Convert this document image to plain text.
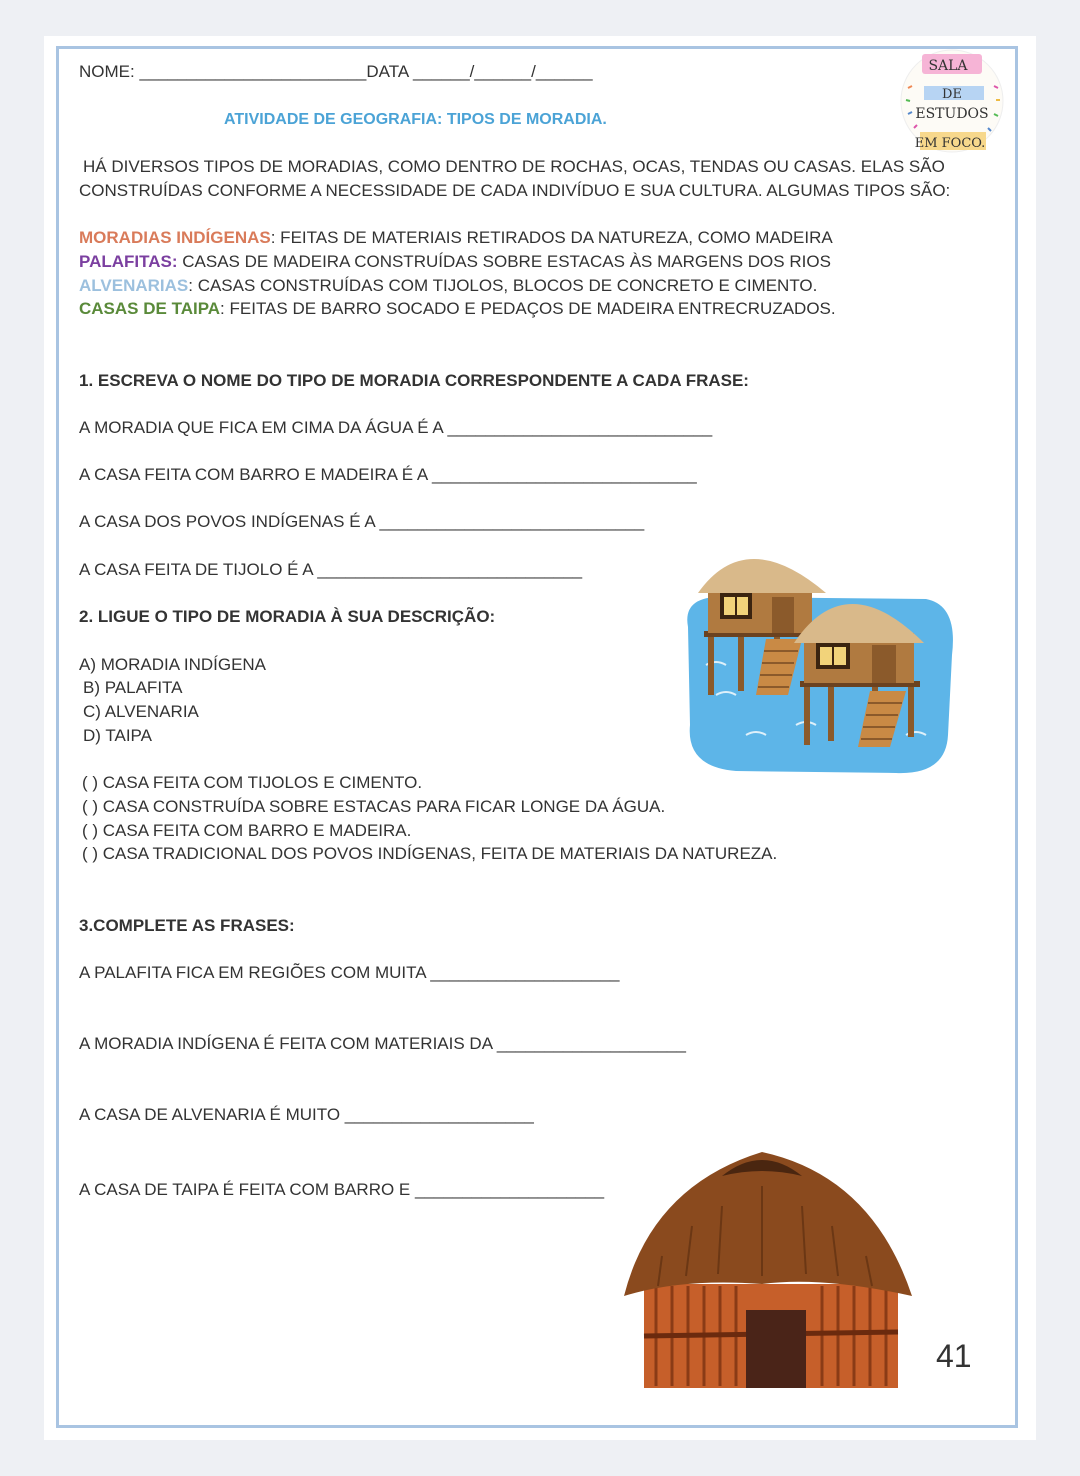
NOME: ________________________DATA ______/______/______
ATIVIDADE DE GEOGRAFIA: TIPOS DE MORADIA.
SALA
DE
ESTUDOS
EM FOCO.
HÁ DIVERSOS TIPOS DE MORADIAS, COMO DENTRO DE ROCHAS, OCAS, TENDAS OU CASAS. ELAS SÃO
CONSTRUÍDAS CONFORME A NECESSIDADE DE CADA INDIVÍDUO E SUA CULTURA. ALGUMAS TIPOS SÃO:
MORADIAS INDÍGENAS: FEITAS DE MATERIAIS RETIRADOS DA NATUREZA, COMO MADEIRA
PALAFITAS: CASAS DE MADEIRA CONSTRUÍDAS SOBRE ESTACAS ÀS MARGENS DOS RIOS
ALVENARIAS: CASAS CONSTRUÍDAS COM TIJOLOS, BLOCOS DE CONCRETO E CIMENTO.
CASAS DE TAIPA: FEITAS DE BARRO SOCADO E PEDAÇOS DE MADEIRA ENTRECRUZADOS.
1. ESCREVA O NOME DO TIPO DE MORADIA CORRESPONDENTE A CADA FRASE:
A MORADIA QUE FICA EM CIMA DA ÁGUA É A ____________________________
A CASA FEITA COM BARRO E MADEIRA É A ____________________________
A CASA DOS POVOS INDÍGENAS É A ____________________________
A CASA FEITA DE TIJOLO É A ____________________________
2. LIGUE O TIPO DE MORADIA À SUA DESCRIÇÃO:
A) MORADIA INDÍGENA
B) PALAFITA
C) ALVENARIA
D) TAIPA
( ) CASA FEITA COM TIJOLOS E CIMENTO.
( ) CASA CONSTRUÍDA SOBRE ESTACAS PARA FICAR LONGE DA ÁGUA.
( ) CASA FEITA COM BARRO E MADEIRA.
( ) CASA TRADICIONAL DOS POVOS INDÍGENAS, FEITA DE MATERIAIS DA NATUREZA.
3.COMPLETE AS FRASES:
A PALAFITA FICA EM REGIÕES COM MUITA ____________________
A MORADIA INDÍGENA É FEITA COM MATERIAIS DA ____________________
A CASA DE ALVENARIA É MUITO ____________________
A CASA DE TAIPA É FEITA COM BARRO E ____________________
41
